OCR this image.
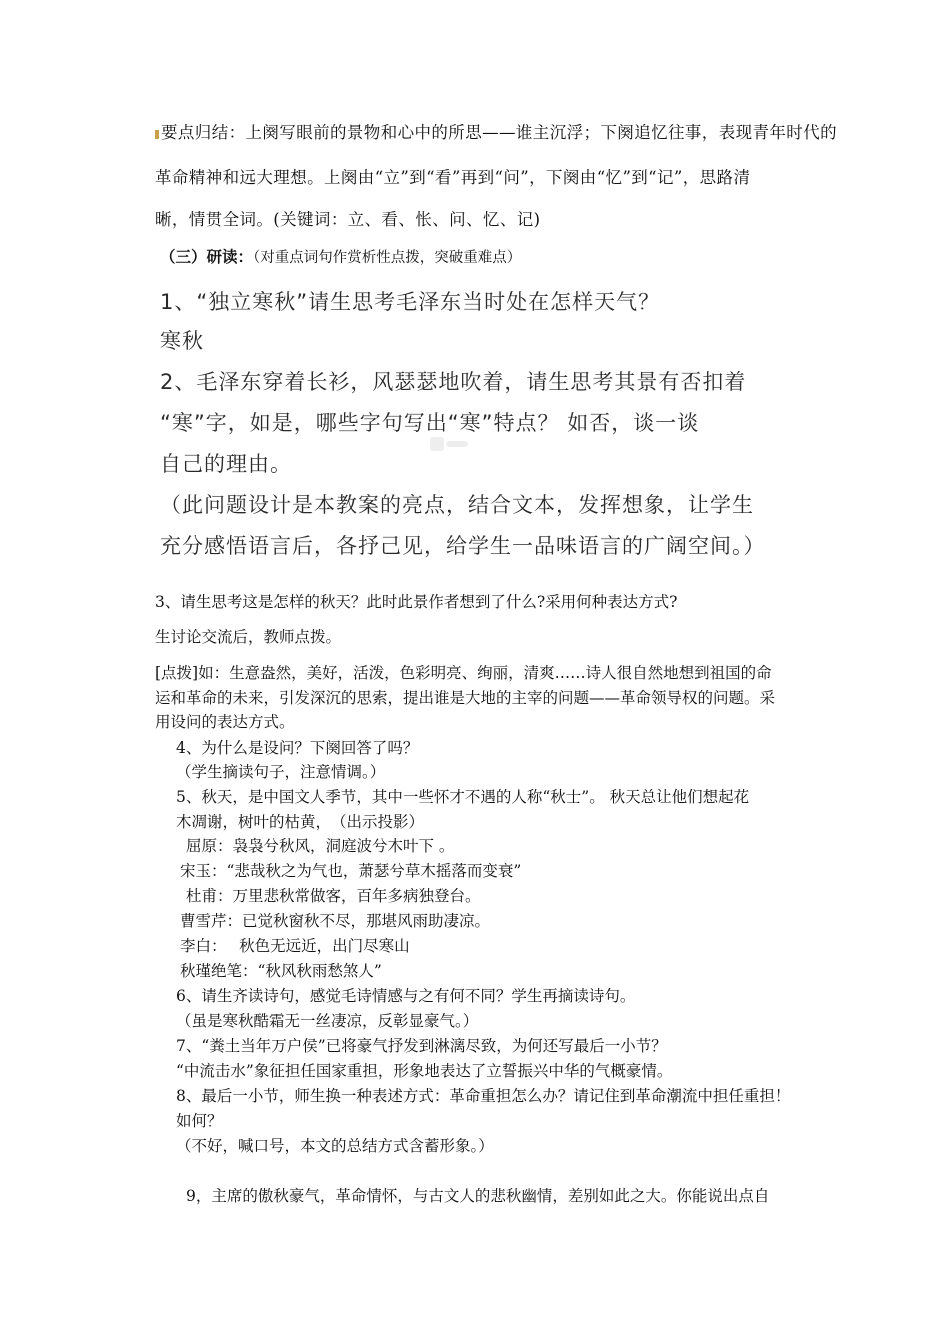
要点归结：上阕写眼前的景物和心中的所思——谁主沉浮；下阕追忆往事，表现青年时代的

革命精神和远大理想。上阕由“立”到“看”再到“问”，下阕由“忆”到“记”，思路清

晰，情贯全词。(关键词：立、看、怅、问、忆、记)

（三）研读：（对重点词句作赏析性点拨，突破重难点）

1、“独立寒秋”请生思考毛泽东当时处在怎样天气？

寒秋

2、毛泽东穿着长衫，风瑟瑟地吹着，请生思考其景有否扣着

“寒”字，如是，哪些字句写出“寒”特点？ 如否，谈一谈

自己的理由。

（此问题设计是本教案的亮点，结合文本，发挥想象，让学生

充分感悟语言后，各抒己见，给学生一品味语言的广阔空间。）

3、请生思考这是怎样的秋天？此时此景作者想到了什么?采用何种表达方式?

生讨论交流后，教师点拨。

[点拨]如：生意盎然，美好，活泼，色彩明亮、绚丽，清爽……诗人很自然地想到祖国的命

运和革命的未来，引发深沉的思索，提出谁是大地的主宰的问题——革命领导权的问题。采

用设问的表达方式。

4、为什么是设问？下阕回答了吗？

（学生摘读句子，注意情调。）

5、秋天，是中国文人季节，其中一些怀才不遇的人称“秋士”。 秋天总让他们想起花

木凋谢，树叶的枯黄，　（出示投影）

屈原：袅袅兮秋风，洞庭波兮木叶下 。

宋玉：“悲哉秋之为气也，萧瑟兮草木摇落而变衰”

杜甫：万里悲秋常做客，百年多病独登台。

曹雪芹：已觉秋窗秋不尽，那堪风雨助凄凉。

李白：　 秋色无远近，出门尽寒山

秋瑾绝笔：“秋风秋雨愁煞人”

6、请生齐读诗句，感觉毛诗情感与之有何不同？学生再摘读诗句。

（虽是寒秋酷霜无一丝凄凉，反彰显豪气。）

7、“粪土当年万户侯”已将豪气抒发到淋漓尽致，为何还写最后一小节？

“中流击水”象征担任国家重担，形象地表达了立誓振兴中华的气概豪情。

8、最后一小节，师生换一种表述方式：革命重担怎么办？请记住到革命潮流中担任重担！

如何？

（不好，喊口号，本文的总结方式含蓄形象。）

9，主席的傲秋豪气，革命情怀，与古文人的悲秋幽情，差别如此之大。你能说出点自
